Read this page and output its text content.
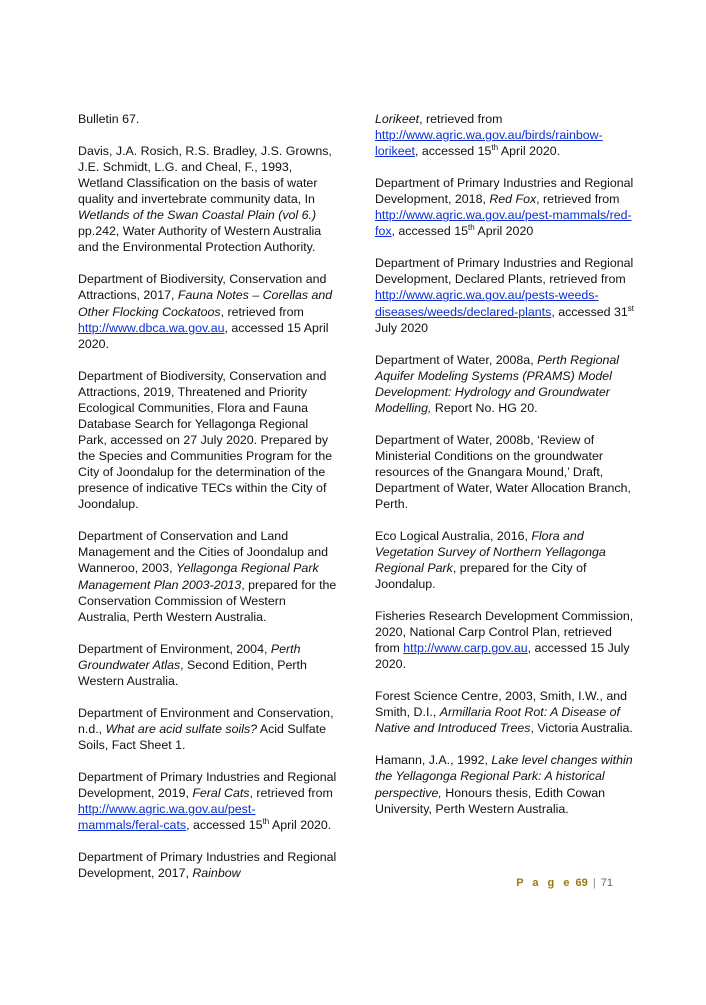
Bulletin 67.

Davis, J.A. Rosich, R.S. Bradley, J.S. Growns, J.E. Schmidt, L.G. and Cheal, F., 1993, Wetland Classification on the basis of water quality and invertebrate community data, In Wetlands of the Swan Coastal Plain (vol 6.) pp.242, Water Authority of Western Australia and the Environmental Protection Authority.

Department of Biodiversity, Conservation and Attractions, 2017, Fauna Notes – Corellas and Other Flocking Cockatoos, retrieved from http://www.dbca.wa.gov.au, accessed 15 April 2020.

Department of Biodiversity, Conservation and Attractions, 2019, Threatened and Priority Ecological Communities, Flora and Fauna Database Search for Yellagonga Regional Park, accessed on 27 July 2020. Prepared by the Species and Communities Program for the City of Joondalup for the determination of the presence of indicative TECs within the City of Joondalup.

Department of Conservation and Land Management and the Cities of Joondalup and Wanneroo, 2003, Yellagonga Regional Park Management Plan 2003-2013, prepared for the Conservation Commission of Western Australia, Perth Western Australia.

Department of Environment, 2004, Perth Groundwater Atlas, Second Edition, Perth Western Australia.

Department of Environment and Conservation, n.d., What are acid sulfate soils? Acid Sulfate Soils, Fact Sheet 1.

Department of Primary Industries and Regional Development, 2019, Feral Cats, retrieved from http://www.agric.wa.gov.au/pest-mammals/feral-cats, accessed 15th April 2020.

Department of Primary Industries and Regional Development, 2017, Rainbow

Lorikeet, retrieved from http://www.agric.wa.gov.au/birds/rainbow-lorikeet, accessed 15th April 2020.

Department of Primary Industries and Regional Development, 2018, Red Fox, retrieved from http://www.agric.wa.gov.au/pest-mammals/red-fox, accessed 15th April 2020

Department of Primary Industries and Regional Development, Declared Plants, retrieved from http://www.agric.wa.gov.au/pests-weeds-diseases/weeds/declared-plants, accessed 31st July 2020

Department of Water, 2008a, Perth Regional Aquifer Modeling Systems (PRAMS) Model Development: Hydrology and Groundwater Modelling, Report No. HG 20.

Department of Water, 2008b, ‘Review of Ministerial Conditions on the groundwater resources of the Gnangara Mound,’ Draft, Department of Water, Water Allocation Branch, Perth.

Eco Logical Australia, 2016, Flora and Vegetation Survey of Northern Yellagonga Regional Park, prepared for the City of Joondalup.

Fisheries Research Development Commission, 2020, National Carp Control Plan, retrieved from http://www.carp.gov.au, accessed 15 July 2020.

Forest Science Centre, 2003, Smith, I.W., and Smith, D.I., Armillaria Root Rot: A Disease of Native and Introduced Trees, Victoria Australia.

Hamann, J.A., 1992, Lake level changes within the Yellagonga Regional Park: A historical perspective, Honours thesis, Edith Cowan University, Perth Western Australia.

P a g e 69 | 71
